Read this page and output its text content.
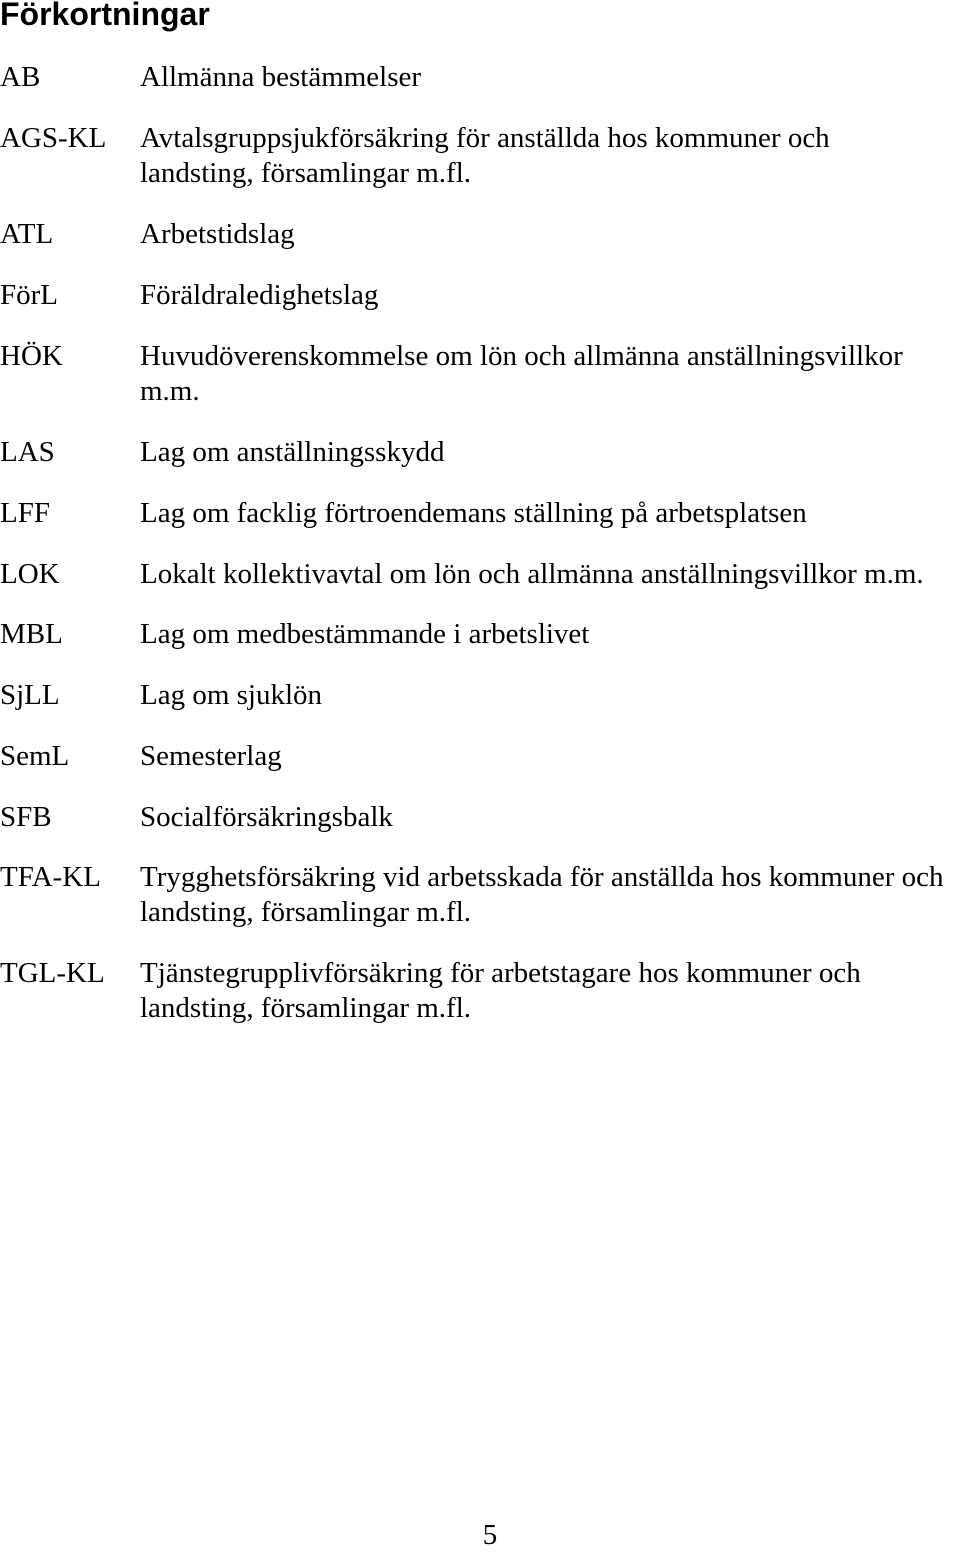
Förkortningar
AB	Allmänna bestämmelser
AGS-KL Avtalsgruppsjukförsäkring för anställda hos kommuner och landsting, församlingar m.fl.
ATL	Arbetstidslag
FörL	Föräldraledighetslag
HÖK	Huvudöverenskommelse om lön och allmänna anställningsvillkor m.m.
LAS	Lag om anställningsskydd
LFF	Lag om facklig förtroendemans ställning på arbetsplatsen
LOK	Lokalt kollektivavtal om lön och allmänna anställningsvillkor m.m.
MBL	Lag om medbestämmande i arbetslivet
SjLL	Lag om sjuklön
SemL Semesterlag
SFB	Socialförsäkringsbalk
TFA-KL Trygghetsförsäkring vid arbetsskada för anställda hos kommuner och landsting, församlingar m.fl.
TGL-KL Tjänstegrupplivförsäkring för arbetstagare hos kommuner och landsting, församlingar m.fl.
5
